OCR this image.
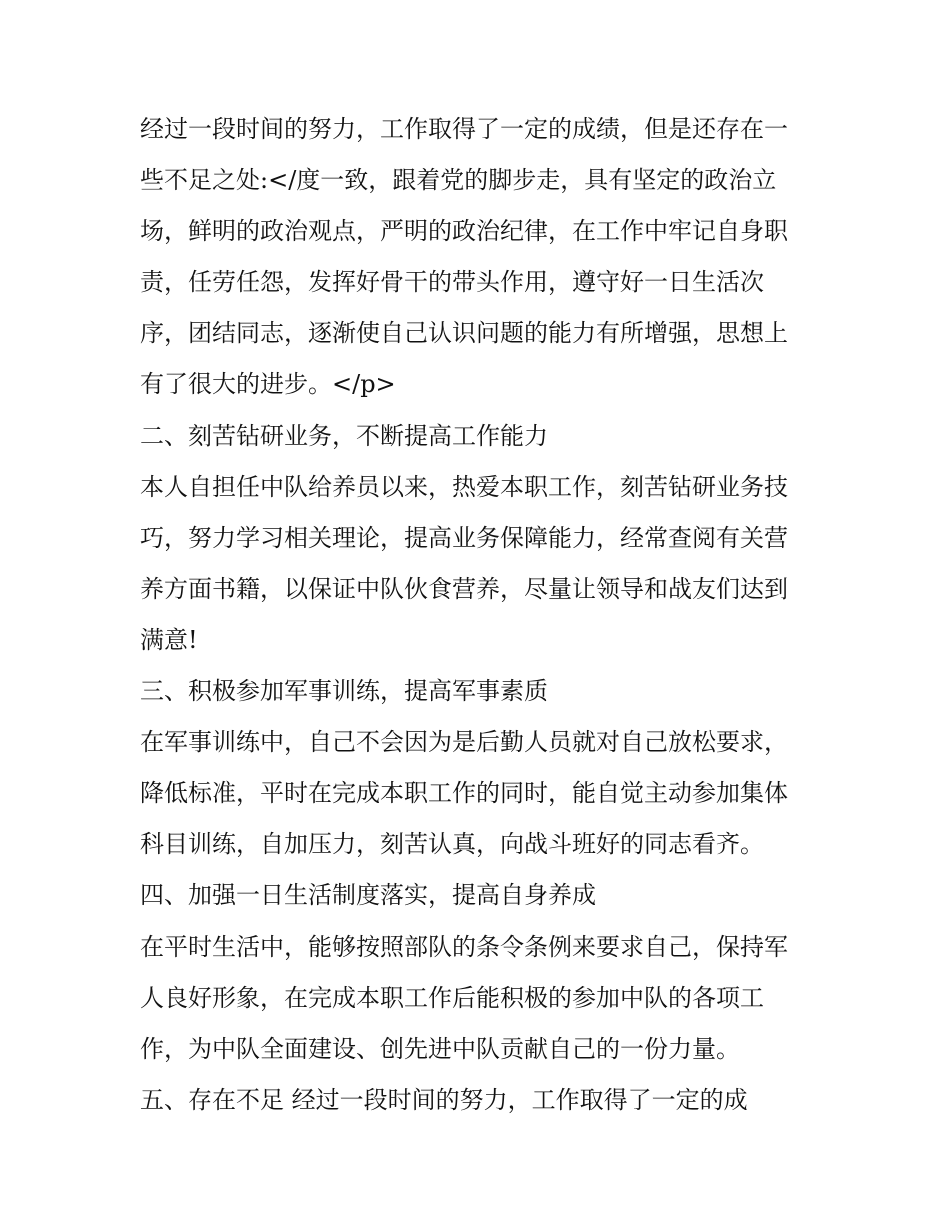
经过一段时间的努力，工作取得了一定的成绩，但是还存在一
些不足之处:</度一致，跟着党的脚步走，具有坚定的政治立
场，鲜明的政治观点，严明的政治纪律，在工作中牢记自身职
责，任劳任怨，发挥好骨干的带头作用，遵守好一日生活次
序，团结同志，逐渐使自己认识问题的能力有所增强，思想上
有了很大的进步。</p>
二、刻苦钻研业务，不断提高工作能力
本人自担任中队给养员以来，热爱本职工作，刻苦钻研业务技
巧，努力学习相关理论，提高业务保障能力，经常查阅有关营
养方面书籍，以保证中队伙食营养，尽量让领导和战友们达到
满意!
三、积极参加军事训练，提高军事素质
在军事训练中，自己不会因为是后勤人员就对自己放松要求，
降低标准，平时在完成本职工作的同时，能自觉主动参加集体
科目训练，自加压力，刻苦认真，向战斗班好的同志看齐。
四、加强一日生活制度落实，提高自身养成
在平时生活中，能够按照部队的条令条例来要求自己，保持军
人良好形象，在完成本职工作后能积极的参加中队的各项工
作，为中队全面建设、创先进中队贡献自己的一份力量。
五、存在不足 经过一段时间的努力，工作取得了一定的成
